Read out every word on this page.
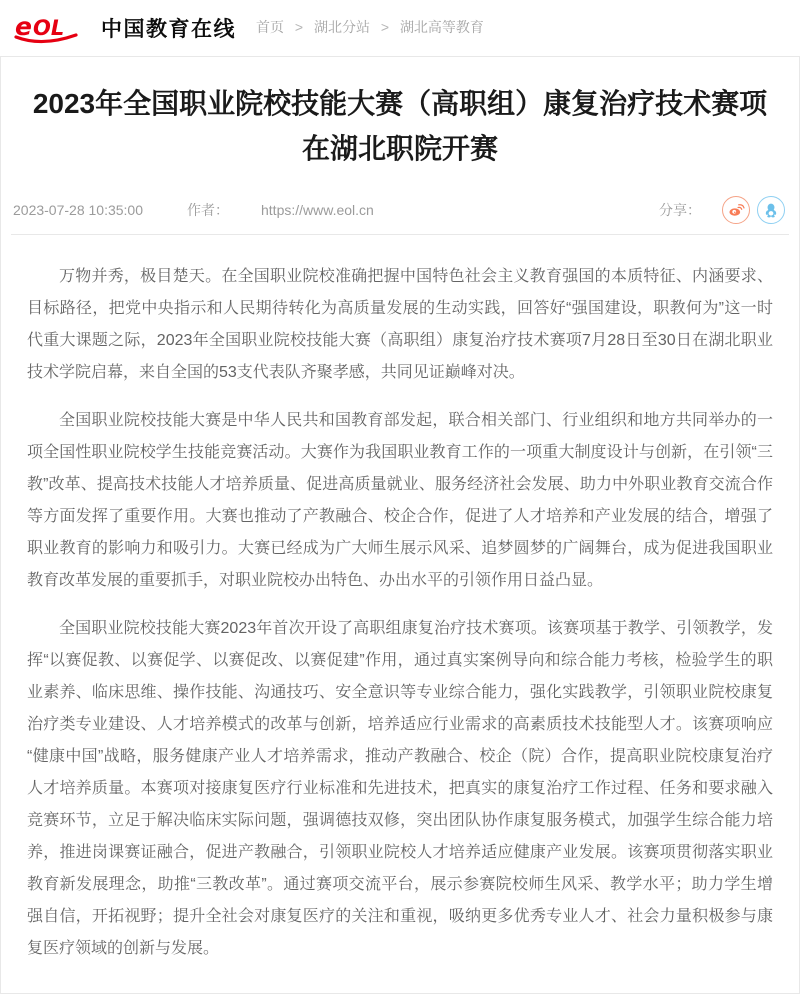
e OL 中国教育在线 首页 > 湖北分站 > 湖北高等教育
2023年全国职业院校技能大赛（高职组）康复治疗技术赛项在湖北职院开赛
2023-07-28 10:35:00	作者： https://www.eol.cn	分享：

万物并秀，极目楚天。在全国职业院校准确把握中国特色社会主义教育强国的本质特征、内涵要求、目标路径，把党中央指示和人民期待转化为高质量发展的生动实践，回答好“强国建设，职教何为”这一时代重大课题之际，2023年全国职业院校技能大赛（高职组）康复治疗技术赛项7月28日至30日在湖北职业技术学院启幕，来自全国的53支代表队齐聚孝感，共同见证巅峰对决。

全国职业院校技能大赛是中华人民共和国教育部发起，联合相关部门、行业组织和地方共同举办的一项全国性职业院校学生技能竞赛活动。大赛作为我国职业教育工作的一项重大制度设计与创新，在引领“三教”改革、提高技术技能人才培养质量、促进高质量就业、服务经济社会发展、助力中外职业教育交流合作等方面发挥了重要作用。大赛也推动了产教融合、校企合作，促进了人才培养和产业发展的结合，增强了职业教育的影响力和吸引力。大赛已经成为广大师生展示风采、追梦圆梦的广阔舞台，成为促进我国职业教育改革发展的重要抓手，对职业院校办出特色、办出水平的引领作用日益凸显。

全国职业院校技能大赛2023年首次开设了高职组康复治疗技术赛项。该赛项基于教学、引领教学，发挥“以赛促教、以赛促学、以赛促改、以赛促建”作用，通过真实案例导向和综合能力考核，检验学生的职业素养、临床思维、操作技能、沟通技巧、安全意识等专业综合能力，强化实践教学，引领职业院校康复治疗类专业建设、人才培养模式的改革与创新，培养适应行业需求的高素质技术技能型人才。该赛项响应“健康中国”战略，服务健康产业人才培养需求，推动产教融合、校企（院）合作，提高职业院校康复治疗人才培养质量。本赛项对接康复医疗行业标准和先进技术，把真实的康复治疗工作过程、任务和要求融入竞赛环节，立足于解决临床实际问题，强调德技双修，突出团队协作康复服务模式，加强学生综合能力培养，推进岗课赛证融合，促进产教融合，引领职业院校人才培养适应健康产业发展。该赛项贯彻落实职业教育新发展理念，助推“三教改革”。通过赛项交流平台，展示参赛院校师生风采、教学水平；助力学生增强自信，开拓视野；提升全社会对康复医疗的关注和重视，吸纳更多优秀专业人才、社会力量积极参与康复医疗领域的创新与发展。
